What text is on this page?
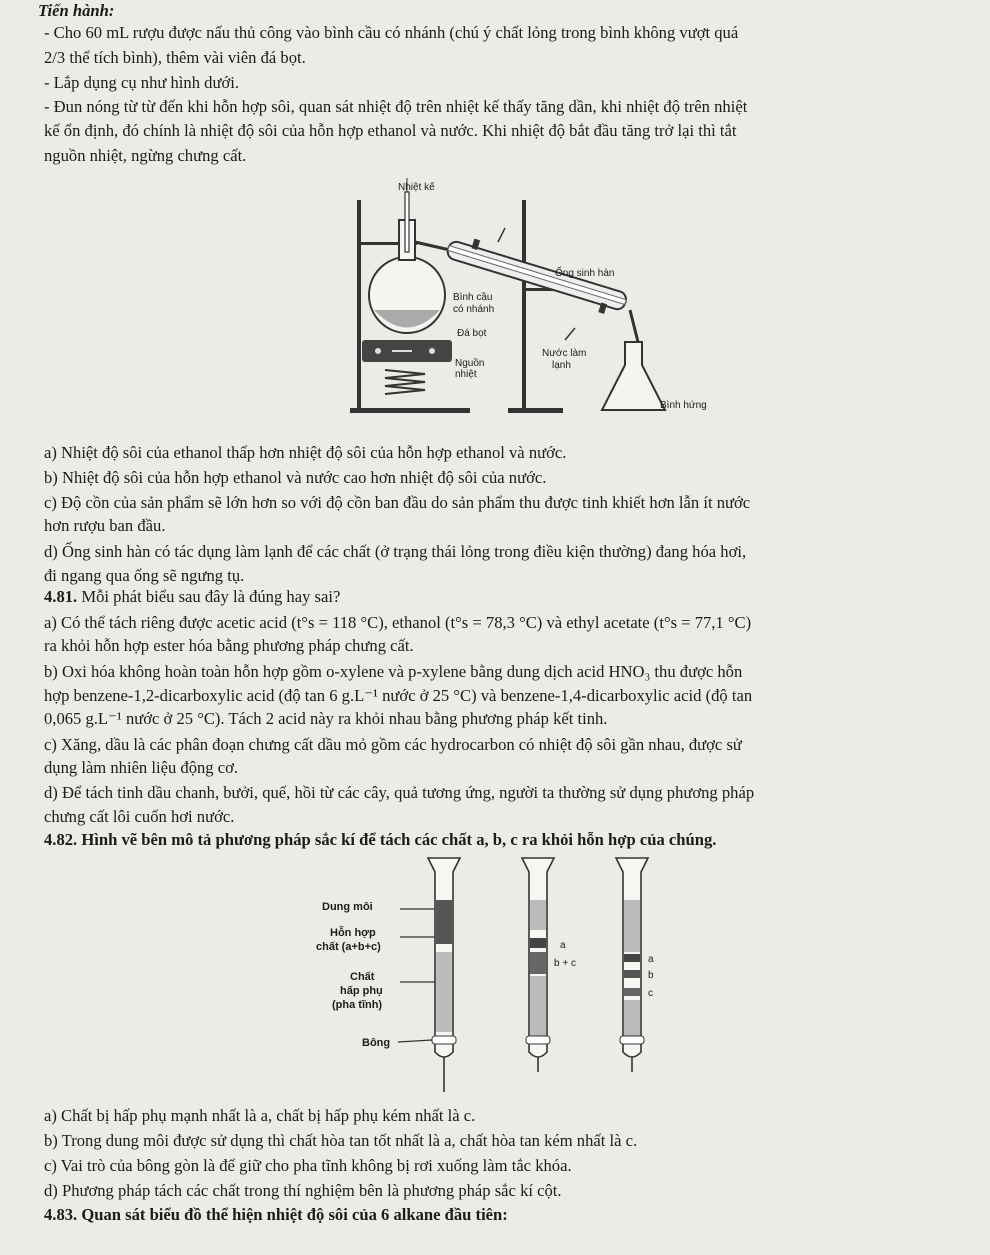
Tiến hành:
- Cho 60 mL rượu được nấu thủ công vào bình cầu có nhánh (chú ý chất lỏng trong bình không vượt quá
2/3 thể tích bình), thêm vài viên đá bọt.
- Lắp dụng cụ như hình dưới.
- Đun nóng từ từ đến khi hỗn hợp sôi, quan sát nhiệt độ trên nhiệt kế thấy tăng dần, khi nhiệt độ trên nhiệt
kế ổn định, đó chính là nhiệt độ sôi của hỗn hợp ethanol và nước. Khi nhiệt độ bắt đầu tăng trở lại thì tắt
nguồn nhiệt, ngừng chưng cất.
Nhiệt kế
Ống sinh hàn
Bình cầu
có nhánh
Đá bọt
Nguồn
nhiệt
Nước làm
lạnh
Bình hứng
a) Nhiệt độ sôi của ethanol thấp hơn nhiệt độ sôi của hỗn hợp ethanol và nước.
b) Nhiệt độ sôi của hỗn hợp ethanol và nước cao hơn nhiệt độ sôi của nước.
c) Độ cồn của sản phẩm sẽ lớn hơn so với độ cồn ban đầu do sản phẩm thu được tinh khiết hơn lẫn ít nước
hơn rượu ban đầu.
d) Ống sinh hàn có tác dụng làm lạnh để các chất (ở trạng thái lỏng trong điều kiện thường) đang hóa hơi,
đi ngang qua ống sẽ ngưng tụ.
4.81. Mỗi phát biểu sau đây là đúng hay sai?
a) Có thể tách riêng được acetic acid (t°s = 118 °C), ethanol (t°s = 78,3 °C) và ethyl acetate (t°s = 77,1 °C)
ra khỏi hỗn hợp ester hóa bằng phương pháp chưng cất.
b) Oxi hóa không hoàn toàn hỗn hợp gồm o-xylene và p-xylene bằng dung dịch acid HNO₃ thu được hỗn
hợp benzene-1,2-dicarboxylic acid (độ tan 6 g.L⁻¹ nước ở 25 °C) và benzene-1,4-dicarboxylic acid (độ tan
0,065 g.L⁻¹ nước ở 25 °C). Tách 2 acid này ra khỏi nhau bằng phương pháp kết tinh.
c) Xăng, dầu là các phân đoạn chưng cất dầu mỏ gồm các hydrocarbon có nhiệt độ sôi gần nhau, được sử
dụng làm nhiên liệu động cơ.
d) Để tách tinh dầu chanh, bưởi, quế, hồi từ các cây, quả tương ứng, người ta thường sử dụng phương pháp
chưng cất lôi cuốn hơi nước.
4.82. Hình vẽ bên mô tả phương pháp sắc kí để tách các chất a, b, c ra khỏi hỗn hợp của chúng.
Dung môi
Hỗn hợp
chất (a+b+c)
Chất
hấp phụ
(pha tĩnh)
Bông
a
b + c	a
b
c
a) Chất bị hấp phụ mạnh nhất là a, chất bị hấp phụ kém nhất là c.
b) Trong dung môi được sử dụng thì chất hòa tan tốt nhất là a, chất hòa tan kém nhất là c.
c) Vai trò của bông gòn là để giữ cho pha tĩnh không bị rơi xuống làm tắc khóa.
d) Phương pháp tách các chất trong thí nghiệm bên là phương pháp sắc kí cột.
4.83. Quan sát biểu đồ thể hiện nhiệt độ sôi của 6 alkane đầu tiên:
